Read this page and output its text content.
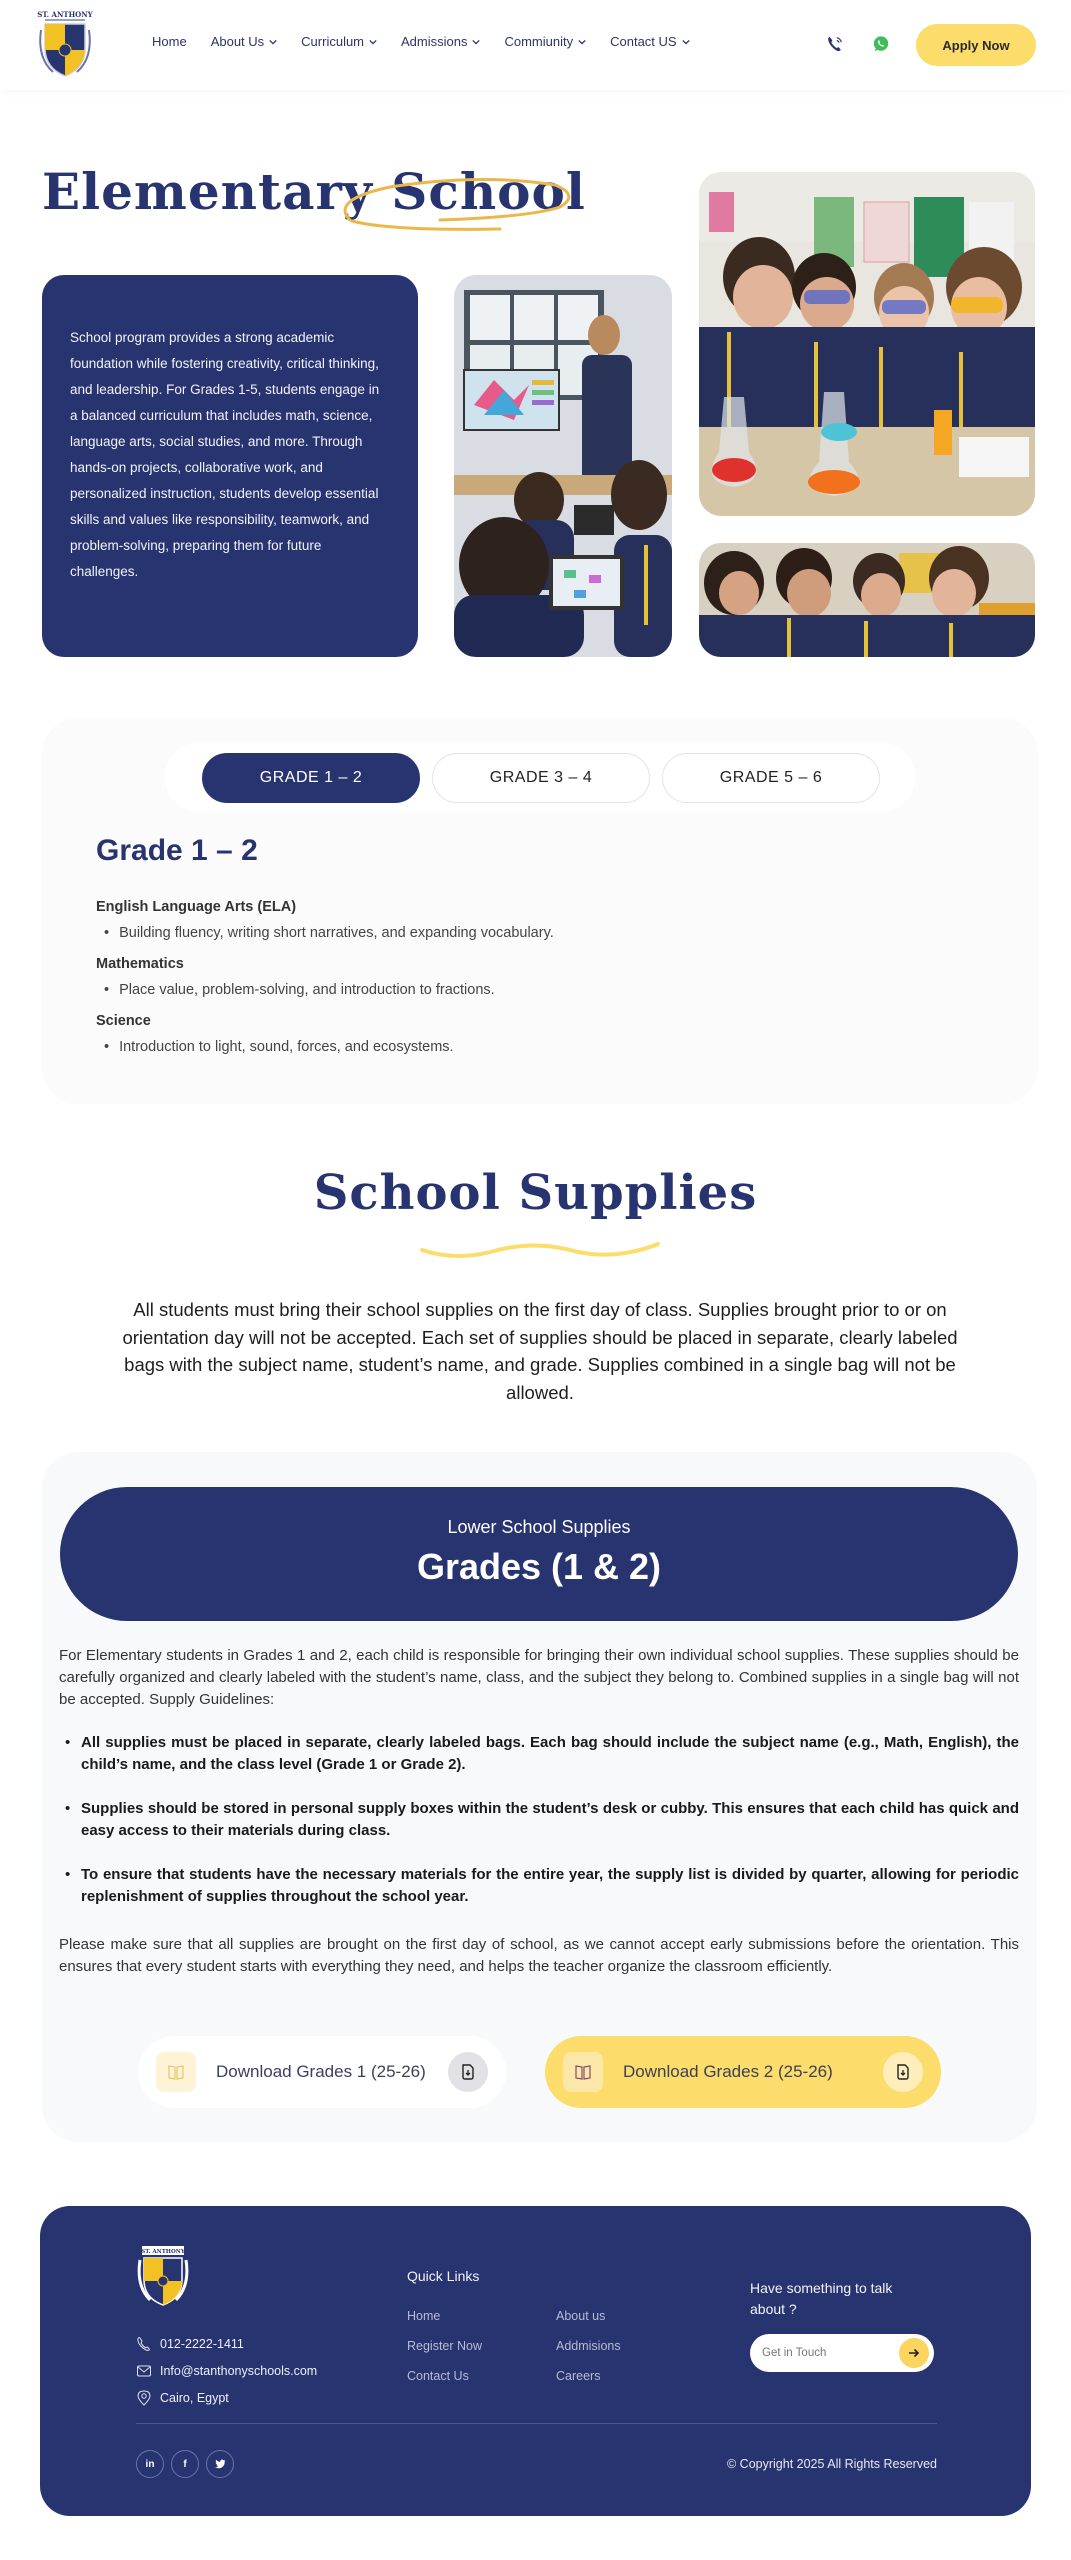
ST. ANTHONY
Home About Us	Curriculum	Admissions	Commiunity	Contact US	Apply Now
Elementary School

School program provides a strong academic foundation while fostering creativity, critical thinking, and leadership. For Grades 1-5, students engage in a balanced curriculum that includes math, science, language arts, social studies, and more. Through hands-on projects, collaborative work, and personalized instruction, students develop essential skills and values like responsibility, teamwork, and problem-solving, preparing them for future challenges.

GRADE 1 – 2	GRADE 3 – 4	GRADE 5 – 6
Grade 1 – 2
English Language Arts (ELA)
• Building fluency, writing short narratives, and expanding vocabulary.
Mathematics
• Place value, problem-solving, and introduction to fractions.
Science
• Introduction to light, sound, forces, and ecosystems.
School Supplies

All students must bring their school supplies on the first day of class. Supplies brought prior to or on orientation day will not be accepted. Each set of supplies should be placed in separate, clearly labeled bags with the subject name, student’s name, and grade. Supplies combined in a single bag will not be allowed.

Lower School Supplies
Grades (1 & 2)

For Elementary students in Grades 1 and 2, each child is responsible for bringing their own individual school supplies. These supplies should be carefully organized and clearly labeled with the student’s name, class, and the subject they belong to. Combined supplies in a single bag will not be accepted. Supply Guidelines:

• All supplies must be placed in separate, clearly labeled bags. Each bag should include the subject name (e.g., Math, English), the child’s name, and the class level (Grade 1 or Grade 2).
• Supplies should be stored in personal supply boxes within the student’s desk or cubby. This ensures that each child has quick and easy access to their materials during class.
• To ensure that students have the necessary materials for the entire year, the supply list is divided by quarter, allowing for periodic replenishment of supplies throughout the school year.

Please make sure that all supplies are brought on the first day of school, as we cannot accept early submissions before the orientation. This ensures that every student starts with everything they need, and helps the teacher organize the classroom efficiently.

Download Grades 1 (25-26)	Download Grades 2 (25-26)
ST. ANTHONY
012-2222-1411
Info@stanthonyschools.com
Cairo, Egypt
Quick Links
Home	About us
Register Now	Addmisions
Contact Us	Careers
Have something to talk about ?
Get in Touch
in	f	© Copyright 2025 All Rights Reserved
